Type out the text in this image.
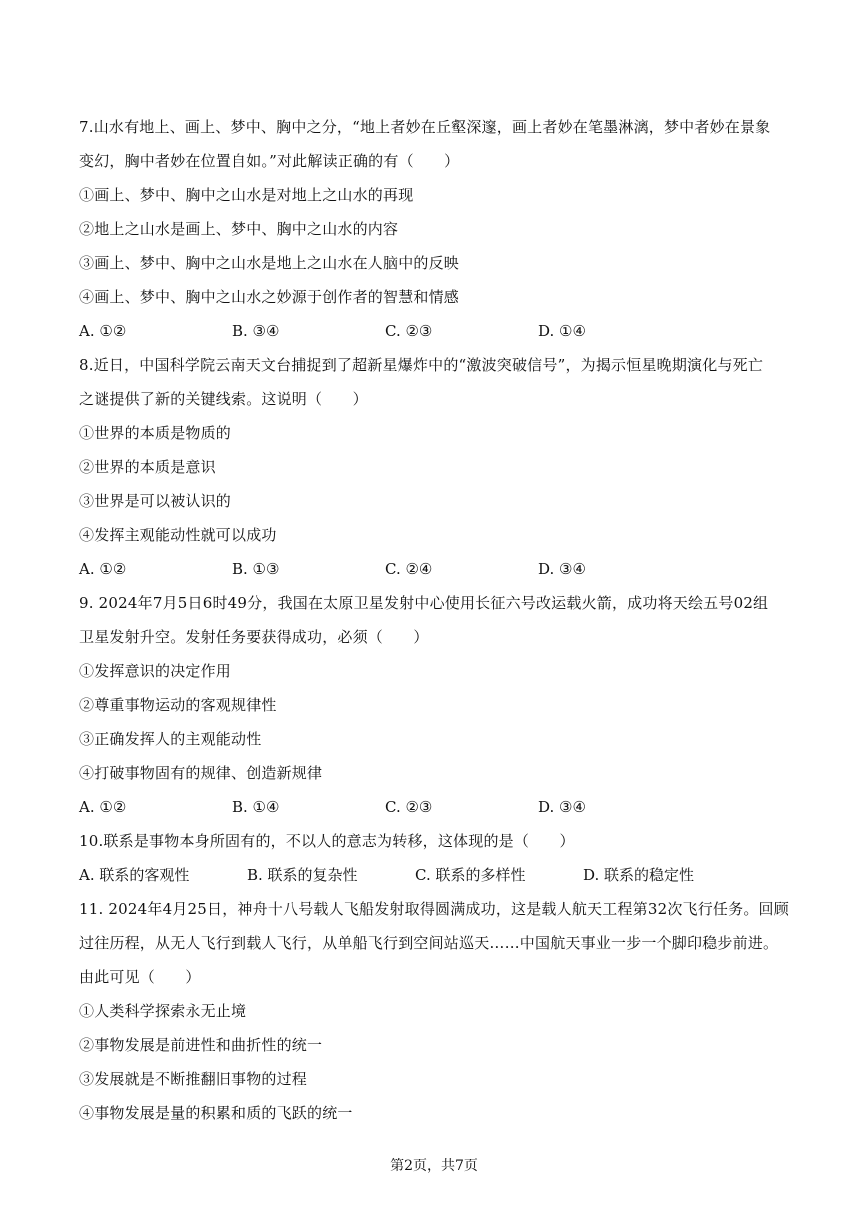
7.山水有地上、画上、梦中、胸中之分，“地上者妙在丘壑深邃，画上者妙在笔墨淋漓，梦中者妙在景象
变幻，胸中者妙在位置自如。”对此解读正确的有（　　）
①画上、梦中、胸中之山水是对地上之山水的再现
②地上之山水是画上、梦中、胸中之山水的内容
③画上、梦中、胸中之山水是地上之山水在人脑中的反映
④画上、梦中、胸中之山水之妙源于创作者的智慧和情感
A. ①②	B. ③④	C. ②③	D. ①④
8.近日，中国科学院云南天文台捕捉到了超新星爆炸中的“激波突破信号”，为揭示恒星晚期演化与死亡
之谜提供了新的关键线索。这说明（　　）
①世界的本质是物质的
②世界的本质是意识
③世界是可以被认识的
④发挥主观能动性就可以成功
A. ①②	B. ①③	C. ②④	D. ③④
9. 2024年7月5日6时49分，我国在太原卫星发射中心使用长征六号改运载火箭，成功将天绘五号02组
卫星发射升空。发射任务要获得成功，必须（　　）
①发挥意识的决定作用
②尊重事物运动的客观规律性
③正确发挥人的主观能动性
④打破事物固有的规律、创造新规律
A. ①②	B. ①④	C. ②③	D. ③④
10.联系是事物本身所固有的，不以人的意志为转移，这体现的是（　　）
A. 联系的客观性	B. 联系的复杂性	C. 联系的多样性	D. 联系的稳定性
11. 2024年4月25日，神舟十八号载人飞船发射取得圆满成功，这是载人航天工程第32次飞行任务。回顾
过往历程，从无人飞行到载人飞行，从单船飞行到空间站巡天……中国航天事业一步一个脚印稳步前进。
由此可见（　　）
①人类科学探索永无止境
②事物发展是前进性和曲折性的统一
③发展就是不断推翻旧事物的过程
④事物发展是量的积累和质的飞跃的统一
第2页，共7页
